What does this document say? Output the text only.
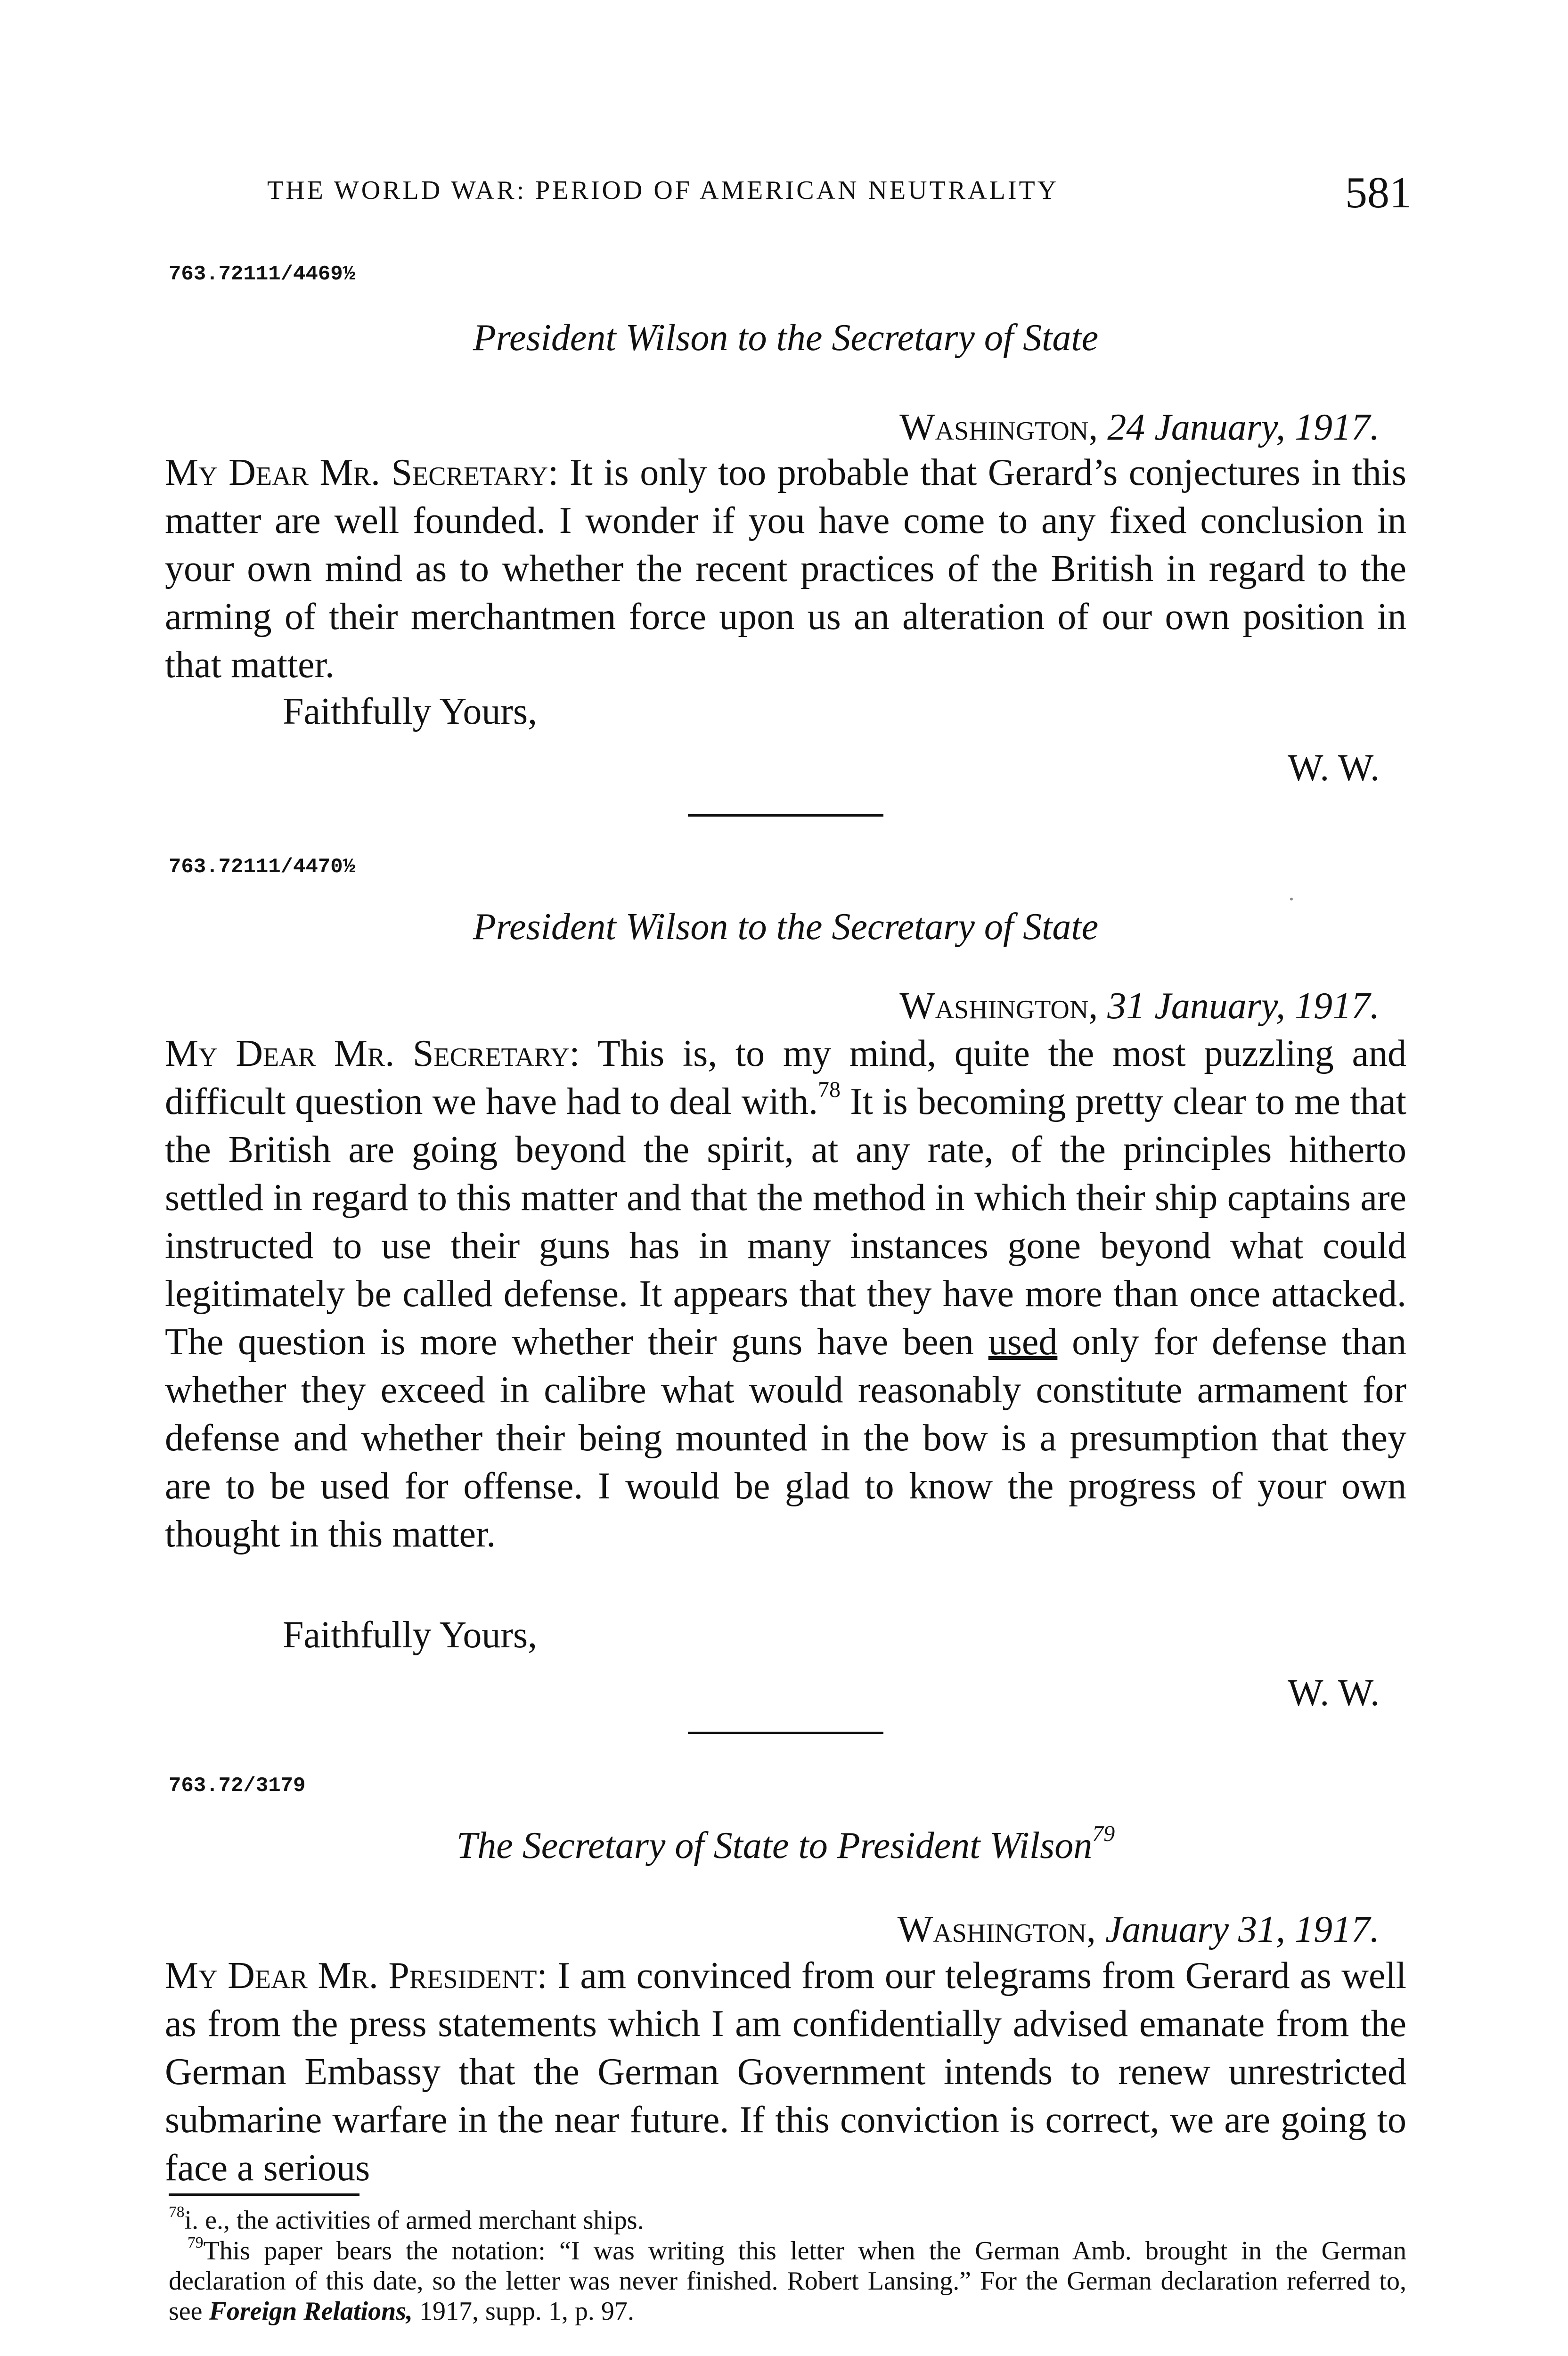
THE WORLD WAR: PERIOD OF AMERICAN NEUTRALITY	581
763.72111/4469½
President Wilson to the Secretary of State
Washington, 24 January, 1917.
My Dear Mr. Secretary: It is only too probable that Gerard’s conjectures in this matter are well founded. I wonder if you have come to any fixed conclusion in your own mind as to whether the recent practices of the British in regard to the arming of their merchantmen force upon us an alteration of our own position in that matter.
Faithfully Yours,
W. W.
763.72111/4470½
President Wilson to the Secretary of State
Washington, 31 January, 1917.
My Dear Mr. Secretary: This is, to my mind, quite the most puzzling and difficult question we have had to deal with.$^{78}$ It is becoming pretty clear to me that the British are going beyond the spirit, at any rate, of the principles hitherto settled in regard to this matter and that the method in which their ship captains are instructed to use their guns has in many instances gone beyond what could legitimately be called defense. It appears that they have more than once attacked. The question is more whether their guns have been used only for defense than whether they exceed in calibre what would reasonably constitute armament for defense and whether their being mounted in the bow is a presumption that they are to be used for offense. I would be glad to know the progress of your own thought in this matter.
Faithfully Yours,
W. W.
763.72/3179
The Secretary of State to President Wilson$^{79}$
Washington, January 31, 1917.
My Dear Mr. President: I am convinced from our telegrams from Gerard as well as from the press statements which I am confidentially advised emanate from the German Embassy that the German Government intends to renew unrestricted submarine warfare in the near future. If this conviction is correct, we are going to face a serious
$^{78}$i. e., the activities of armed merchant ships.
$^{79}$This paper bears the notation: “I was writing this letter when the German Amb. brought in the German declaration of this date, so the letter was never finished. Robert Lansing.” For the German declaration referred to, see Foreign Relations, 1917, supp. 1, p. 97.
